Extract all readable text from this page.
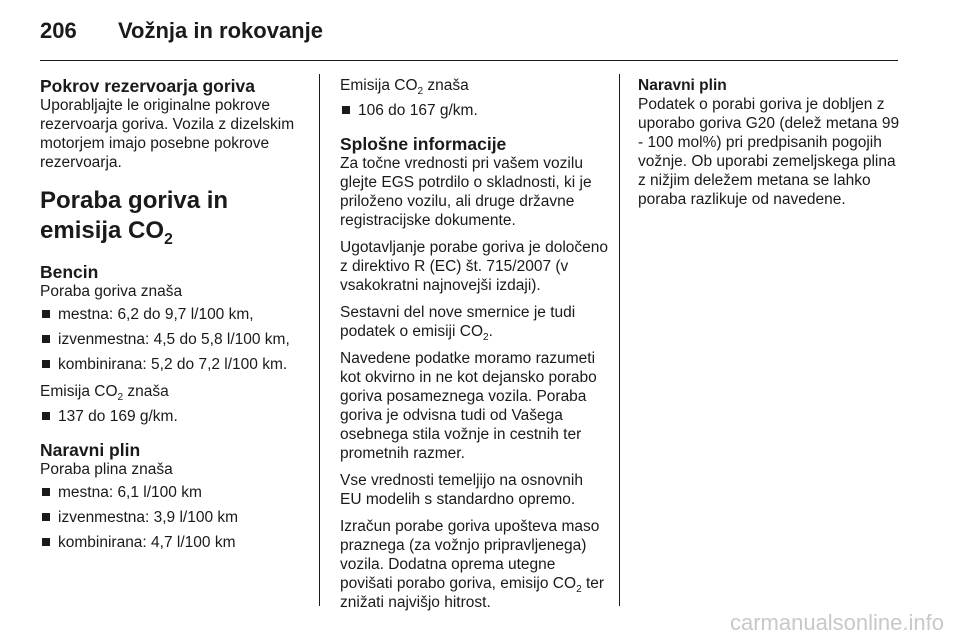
206 Vožnja in rokovanje
Pokrov rezervoarja goriva

Uporabljajte le originalne pokrove rezervoarja goriva. Vozila z dizelskim motorjem imajo posebne pokrove rezervoarja.

Poraba goriva in
emisija $CO_2$
Bencin

Poraba goriva znaša

mestna: 6,2 do 9,7 l/100 km,
izvenmestna: 4,5 do 5,8 l/100 km,
kombinirana: 5,2 do 7,2 l/100 km.

Emisija $CO_2$ znaša

137 do 169 g/km.
Naravni plin

Poraba plina znaša

mestna: 6,1 l/100 km
izvenmestna: 3,9 l/100 km
kombinirana: 4,7 l/100 km

Emisija $CO_2$ znaša

106 do 167 g/km.
Splošne informacije

Za točne vrednosti pri vašem vozilu glejte EGS potrdilo o skladnosti, ki je priloženo vozilu, ali druge državne registracijske dokumente.

Ugotavljanje porabe goriva je določeno z direktivo R (EC) št. 715/2007 (v vsakokratni najnovejši izdaji).

Sestavni del nove smernice je tudi podatek o emisiji $CO_2$.

Navedene podatke moramo razumeti kot okvirno in ne kot dejansko porabo goriva posameznega vozila. Poraba goriva je odvisna tudi od Vašega osebnega stila vožnje in cestnih ter prometnih razmer.

Vse vrednosti temeljijo na osnovnih EU modelih s standardno opremo.

Izračun porabe goriva upošteva maso praznega (za vožnjo pripravljenega) vozila. Dodatna oprema utegne povišati porabo goriva, emisijo $CO_2$ ter znižati najvišjo hitrost.

Naravni plin

Podatek o porabi goriva je dobljen z uporabo goriva G20 (delež metana 99 - 100 mol%) pri predpisanih pogojih vožnje. Ob uporabi zemeljskega plina z nižjim deležem metana se lahko poraba razlikuje od navedene.

carmanualsonline.info
